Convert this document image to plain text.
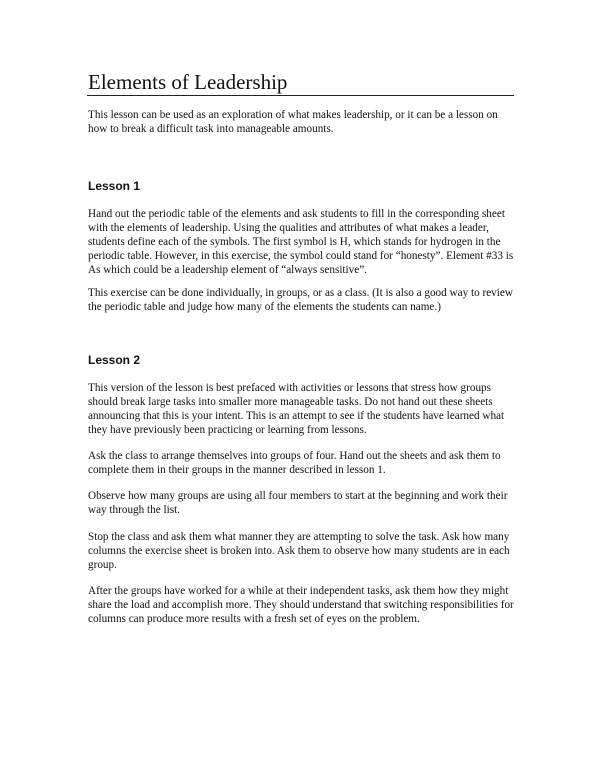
Elements of Leadership

This lesson can be used as an exploration of what makes leadership, or it can be a lesson on how to break a difficult task into manageable amounts.

Lesson 1

Hand out the periodic table of the elements and ask students to fill in the corresponding sheet with the elements of leadership. Using the qualities and attributes of what makes a leader, students define each of the symbols. The first symbol is H, which stands for hydrogen in the periodic table. However, in this exercise, the symbol could stand for “honesty”. Element #33 is As which could be a leadership element of “always sensitive”.

This exercise can be done individually, in groups, or as a class. (It is also a good way to review the periodic table and judge how many of the elements the students can name.)

Lesson 2

This version of the lesson is best prefaced with activities or lessons that stress how groups should break large tasks into smaller more manageable tasks. Do not hand out these sheets announcing that this is your intent. This is an attempt to see if the students have learned what they have previously been practicing or learning from lessons.

Ask the class to arrange themselves into groups of four. Hand out the sheets and ask them to complete them in their groups in the manner described in lesson 1.

Observe how many groups are using all four members to start at the beginning and work their way through the list.

Stop the class and ask them what manner they are attempting to solve the task. Ask how many columns the exercise sheet is broken into. Ask them to observe how many students are in each group.

After the groups have worked for a while at their independent tasks, ask them how they might share the load and accomplish more. They should understand that switching responsibilities for columns can produce more results with a fresh set of eyes on the problem.
